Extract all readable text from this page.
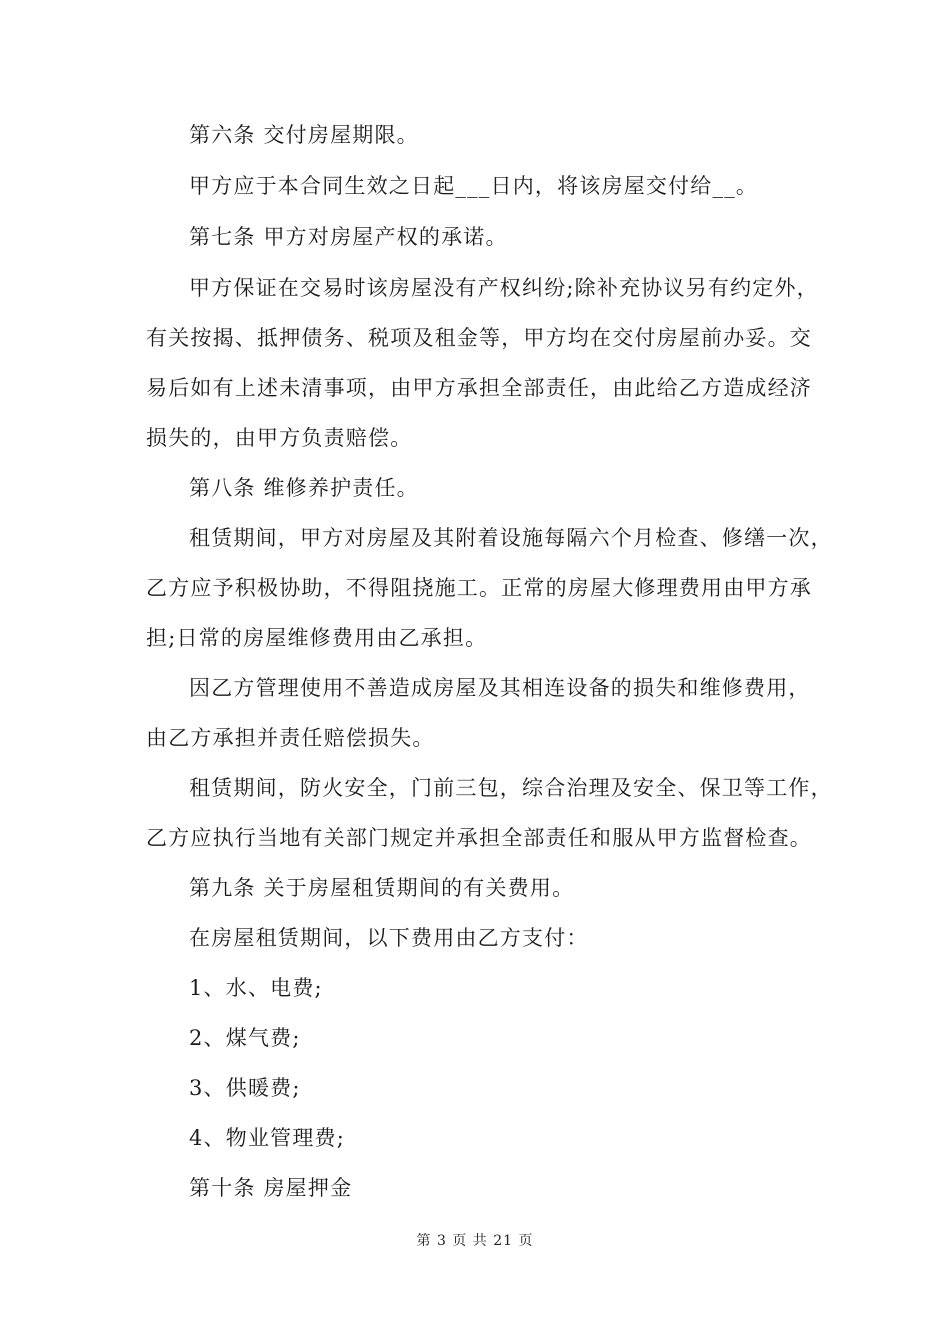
第六条 交付房屋期限。
甲方应于本合同生效之日起___日内，将该房屋交付给__。
第七条 甲方对房屋产权的承诺。
甲方保证在交易时该房屋没有产权纠纷;除补充协议另有约定外，
有关按揭、抵押债务、税项及租金等，甲方均在交付房屋前办妥。交
易后如有上述未清事项，由甲方承担全部责任，由此给乙方造成经济
损失的，由甲方负责赔偿。
第八条 维修养护责任。
租赁期间，甲方对房屋及其附着设施每隔六个月检查、修缮一次，
乙方应予积极协助，不得阻挠施工。正常的房屋大修理费用由甲方承
担;日常的房屋维修费用由乙承担。
因乙方管理使用不善造成房屋及其相连设备的损失和维修费用，
由乙方承担并责任赔偿损失。
租赁期间，防火安全，门前三包，综合治理及安全、保卫等工作，
乙方应执行当地有关部门规定并承担全部责任和服从甲方监督检查。
第九条 关于房屋租赁期间的有关费用。
在房屋租赁期间，以下费用由乙方支付：
1、水、电费;
2、煤气费;
3、供暖费;
4、物业管理费;
第十条 房屋押金
第 3 页 共 21 页
